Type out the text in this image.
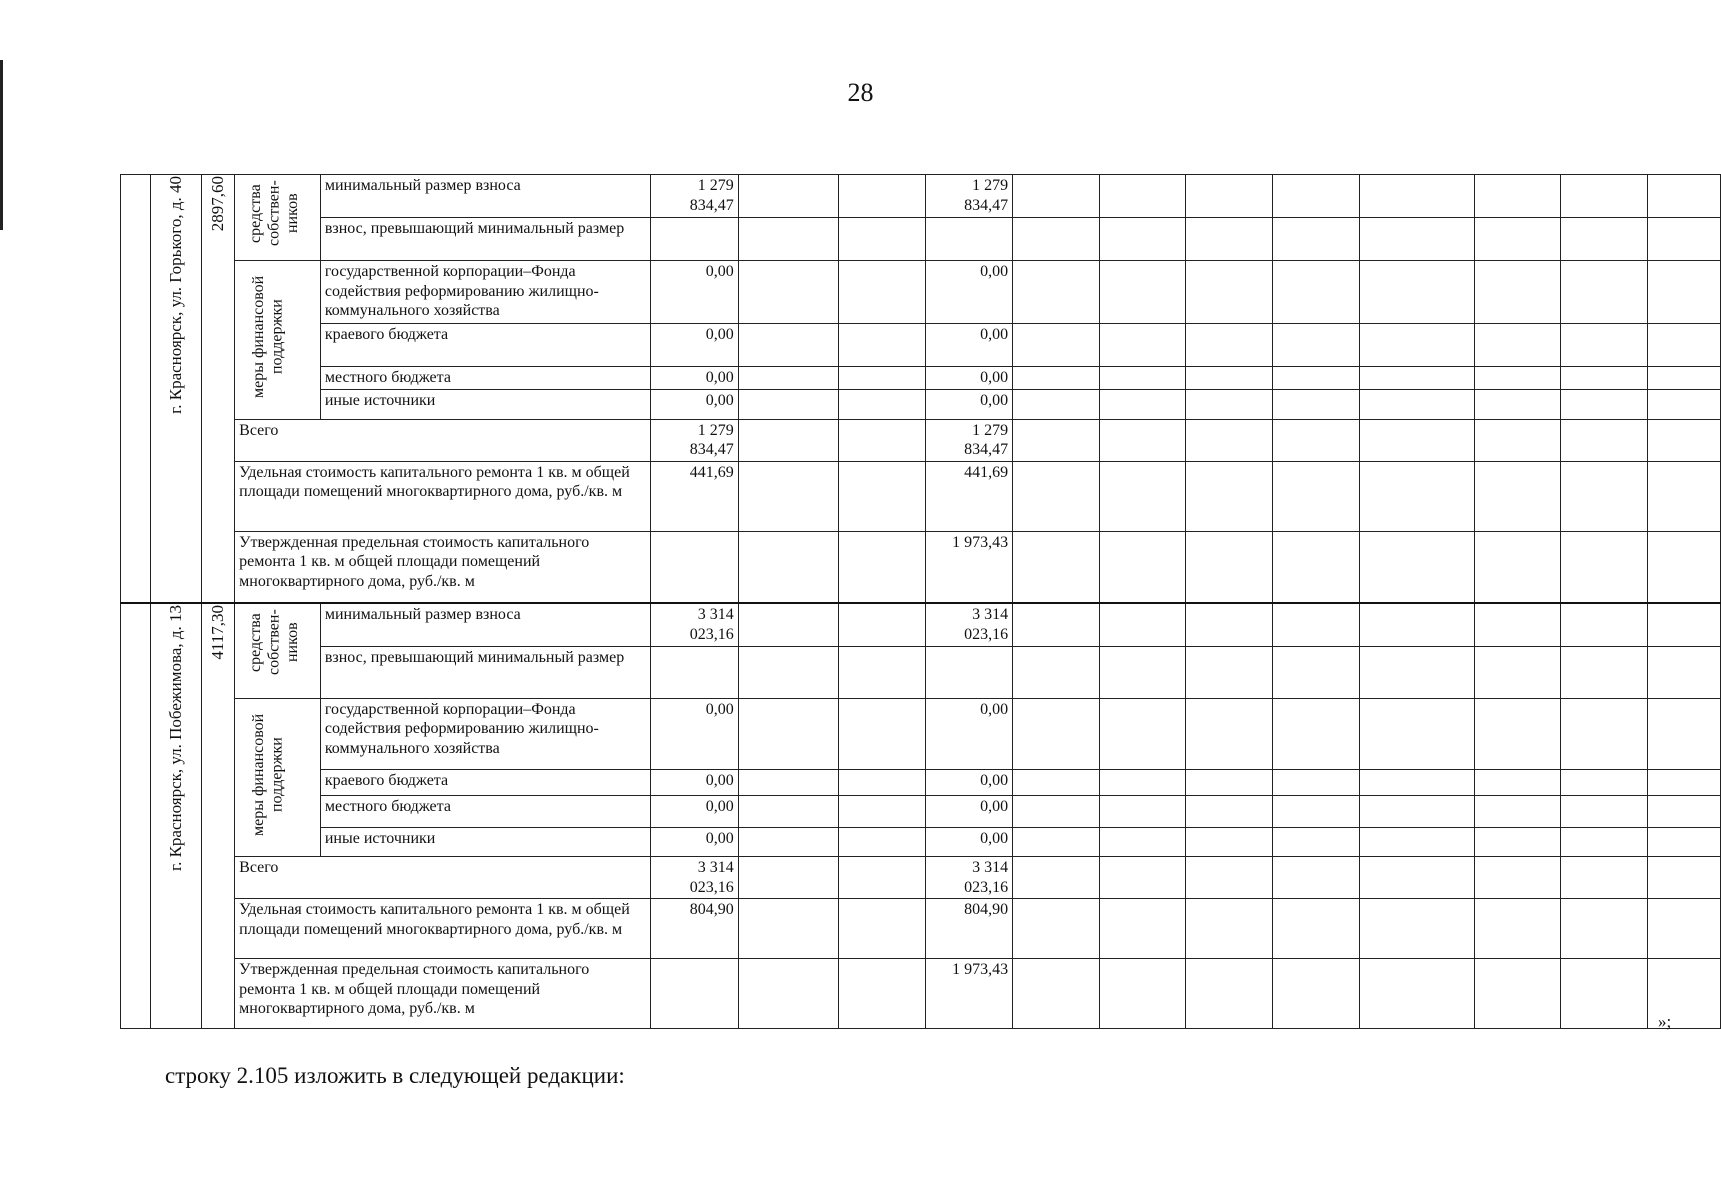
28
	г. Красноярск, ул. Горького, д. 40	2897,60	средства собствен-ников	минимальный размер взноса	1 279 834,47			1 279 834,47								
				взнос, превышающий минимальный размер												
			меры финансовой поддержки	государственной корпорации–Фонда содействия реформированию жилищно-коммунального хозяйства	0,00			0,00								
				краевого бюджета	0,00			0,00								
				местного бюджета	0,00			0,00								
				иные источники	0,00			0,00								
			Всего		1 279 834,47			1 279 834,47								
			Удельная стоимость капитального ремонта 1 кв. м общей площади помещений многоквартирного дома, руб./кв. м		441,69			441,69								
			Утвержденная предельная стоимость капитального ремонта 1 кв. м общей площади помещений многоквартирного дома, руб./кв. м					1 973,43								
	г. Красноярск, ул. Побежимова, д. 13	4117,30	средства собствен-ников	минимальный размер взноса	3 314 023,16			3 314 023,16								
				взнос, превышающий минимальный размер												
			меры финансовой поддержки	государственной корпорации–Фонда содействия реформированию жилищно-коммунального хозяйства	0,00			0,00								
				краевого бюджета	0,00			0,00								
				местного бюджета	0,00			0,00								
				иные источники	0,00			0,00								
			Всего		3 314 023,16			3 314 023,16								
			Удельная стоимость капитального ремонта 1 кв. м общей площади помещений многоквартирного дома, руб./кв. м		804,90			804,90								
			Утвержденная предельная стоимость капитального ремонта 1 кв. м общей площади помещений многоквартирного дома, руб./кв. м					1 973,43								
»;
строку 2.105 изложить в следующей редакции:
